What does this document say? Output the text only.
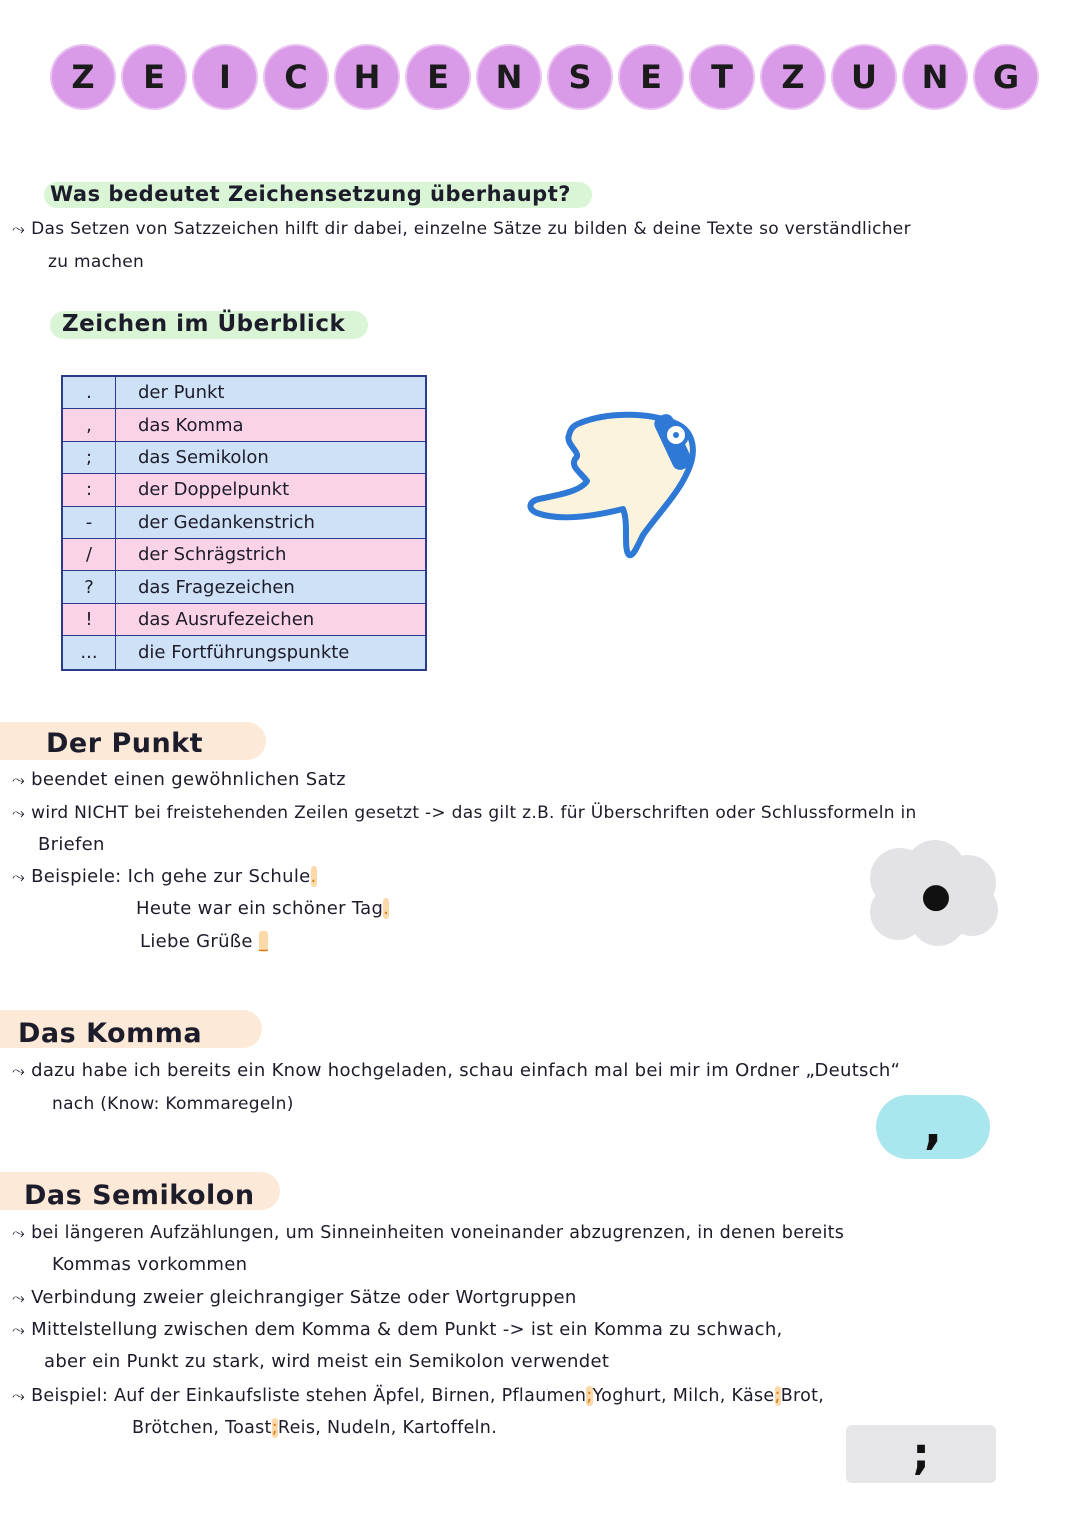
Z	E	I	C	H	E	N	S	E	T	Z	U	N	G
Was bedeutet Zeichensetzung überhaupt?
⤳ Das Setzen von Satzzeichen hilft dir dabei, einzelne Sätze zu bilden & deine Texte so verständlicher
zu machen
Zeichen im Überblick
.	der Punkt
,	das Komma
;	das Semikolon
:	der Doppelpunkt
-	der Gedankenstrich
/	der Schrägstrich
?	das Fragezeichen
!	das Ausrufezeichen
...	die Fortführungspunkte
Der Punkt
⤳ beendet einen gewöhnlichen Satz
⤳ wird NICHT bei freistehenden Zeilen gesetzt -> das gilt z.B. für Überschriften oder Schlussformeln in
Briefen
⤳ Beispiele: Ich gehe zur Schule.
Heute war ein schöner Tag.
Liebe Grüße _
●
Das Komma
⤳ dazu habe ich bereits ein Know hochgeladen, schau einfach mal bei mir im Ordner „Deutsch“
nach (Know: Kommaregeln)	,
Das Semikolon
⤳ bei längeren Aufzählungen, um Sinneinheiten voneinander abzugrenzen, in denen bereits
Kommas vorkommen
⤳ Verbindung zweier gleichrangiger Sätze oder Wortgruppen
⤳ Mittelstellung zwischen dem Komma & dem Punkt -> ist ein Komma zu schwach,
aber ein Punkt zu stark, wird meist ein Semikolon verwendet
⤳ Beispiel: Auf der Einkaufsliste stehen Äpfel, Birnen, Pflaumen;Yoghurt, Milch, Käse;Brot,
Brötchen, Toast;Reis, Nudeln, Kartoffeln.
;
